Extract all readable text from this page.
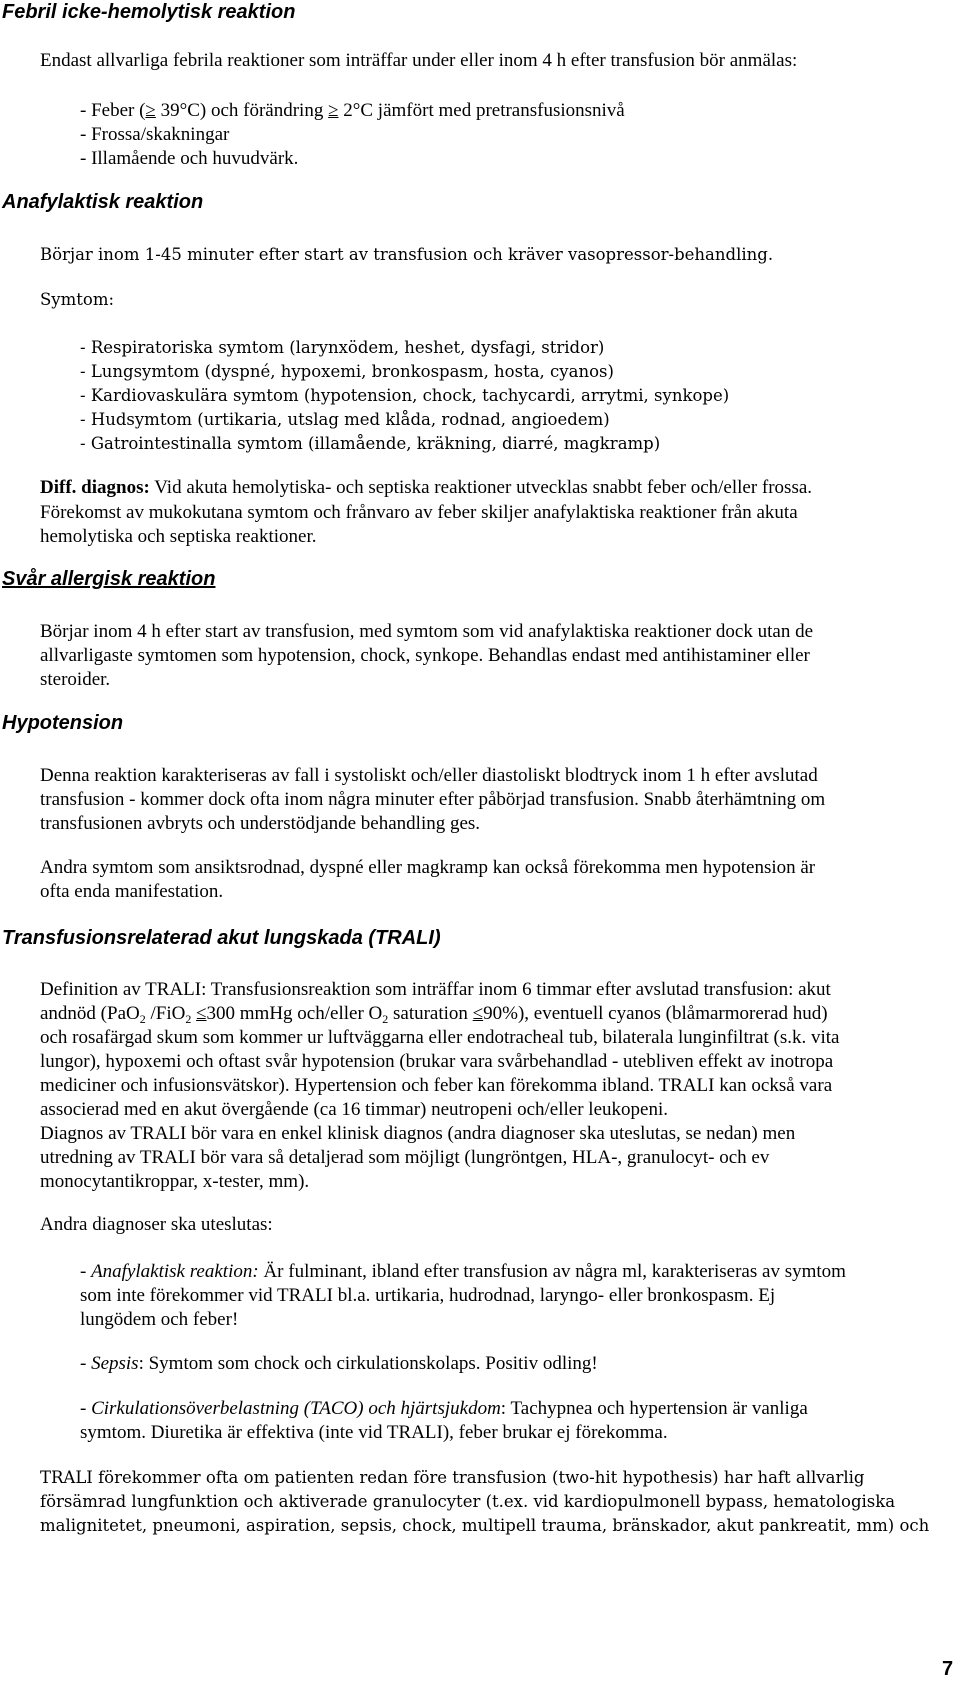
Febril icke-hemolytisk reaktion
Endast allvarliga febrila reaktioner som inträffar under eller inom 4 h efter transfusion bör anmälas:
- Feber (≥ 39°C) och förändring ≥ 2°C jämfört med pretransfusionsnivå
- Frossa/skakningar
- Illamående och huvudvärk.
Anafylaktisk reaktion
Börjar inom 1-45 minuter efter start av transfusion och kräver vasopressor-behandling.
Symtom:
- Respiratoriska symtom (larynxödem, heshet, dysfagi, stridor)
- Lungsymtom (dyspné, hypoxemi, bronkospasm, hosta, cyanos)
- Kardiovaskulära symtom (hypotension, chock, tachycardi, arrytmi, synkope)
- Hudsymtom (urtikaria, utslag med klåda, rodnad, angioedem)
- Gatrointestinalla symtom (illamående, kräkning, diarré, magkramp)
Diff. diagnos: Vid akuta hemolytiska- och septiska reaktioner utvecklas snabbt feber och/eller frossa.
Förekomst av mukokutana symtom och frånvaro av feber skiljer anafylaktiska reaktioner från akuta
hemolytiska och septiska reaktioner.
Svår allergisk reaktion
Börjar inom 4 h efter start av transfusion, med symtom som vid anafylaktiska reaktioner dock utan de
allvarligaste symtomen som hypotension, chock, synkope. Behandlas endast med antihistaminer eller
steroider.
Hypotension
Denna reaktion karakteriseras av fall i systoliskt och/eller diastoliskt blodtryck inom 1 h efter avslutad
transfusion - kommer dock ofta inom några minuter efter påbörjad transfusion. Snabb återhämtning om
transfusionen avbryts och understödjande behandling ges.
Andra symtom som ansiktsrodnad, dyspné eller magkramp kan också förekomma men hypotension är
ofta enda manifestation.
Transfusionsrelaterad akut lungskada (TRALI)
Definition av TRALI: Transfusionsreaktion som inträffar inom 6 timmar efter avslutad transfusion: akut
andnöd (PaO$_2$ /FiO$_2$ ≤300 mmHg och/eller $O_2$ saturation ≤90%), eventuell cyanos (blåmarmorerad hud)
och rosafärgad skum som kommer ur luftväggarna eller endotracheal tub, bilaterala lunginfiltrat (s.k. vita
lungor), hypoxemi och oftast svår hypotension (brukar vara svårbehandlad - utebliven effekt av inotropa
mediciner och infusionsvätskor). Hypertension och feber kan förekomma ibland. TRALI kan också vara
associerad med en akut övergående (ca 16 timmar) neutropeni och/eller leukopeni.
Diagnos av TRALI bör vara en enkel klinisk diagnos (andra diagnoser ska uteslutas, se nedan) men
utredning av TRALI bör vara så detaljerad som möjligt (lungröntgen, HLA-, granulocyt- och ev
monocytantikroppar, x-tester, mm).
Andra diagnoser ska uteslutas:
- Anafylaktisk reaktion: Är fulminant, ibland efter transfusion av några ml, karakteriseras av symtom
som inte förekommer vid TRALI bl.a. urtikaria, hudrodnad, laryngo- eller bronkospasm. Ej
lungödem och feber!
- Sepsis: Symtom som chock och cirkulationskolaps. Positiv odling!
- Cirkulationsöverbelastning (TACO) och hjärtsjukdom: Tachypnea och hypertension är vanliga
symtom. Diuretika är effektiva (inte vid TRALI), feber brukar ej förekomma.
TRALI förekommer ofta om patienten redan före transfusion (two-hit hypothesis) har haft allvarlig
försämrad lungfunktion och aktiverade granulocyter (t.ex. vid kardiopulmonell bypass, hematologiska
malignitetet, pneumoni, aspiration, sepsis, chock, multipell trauma, bränskador, akut pankreatit, mm) och
7
